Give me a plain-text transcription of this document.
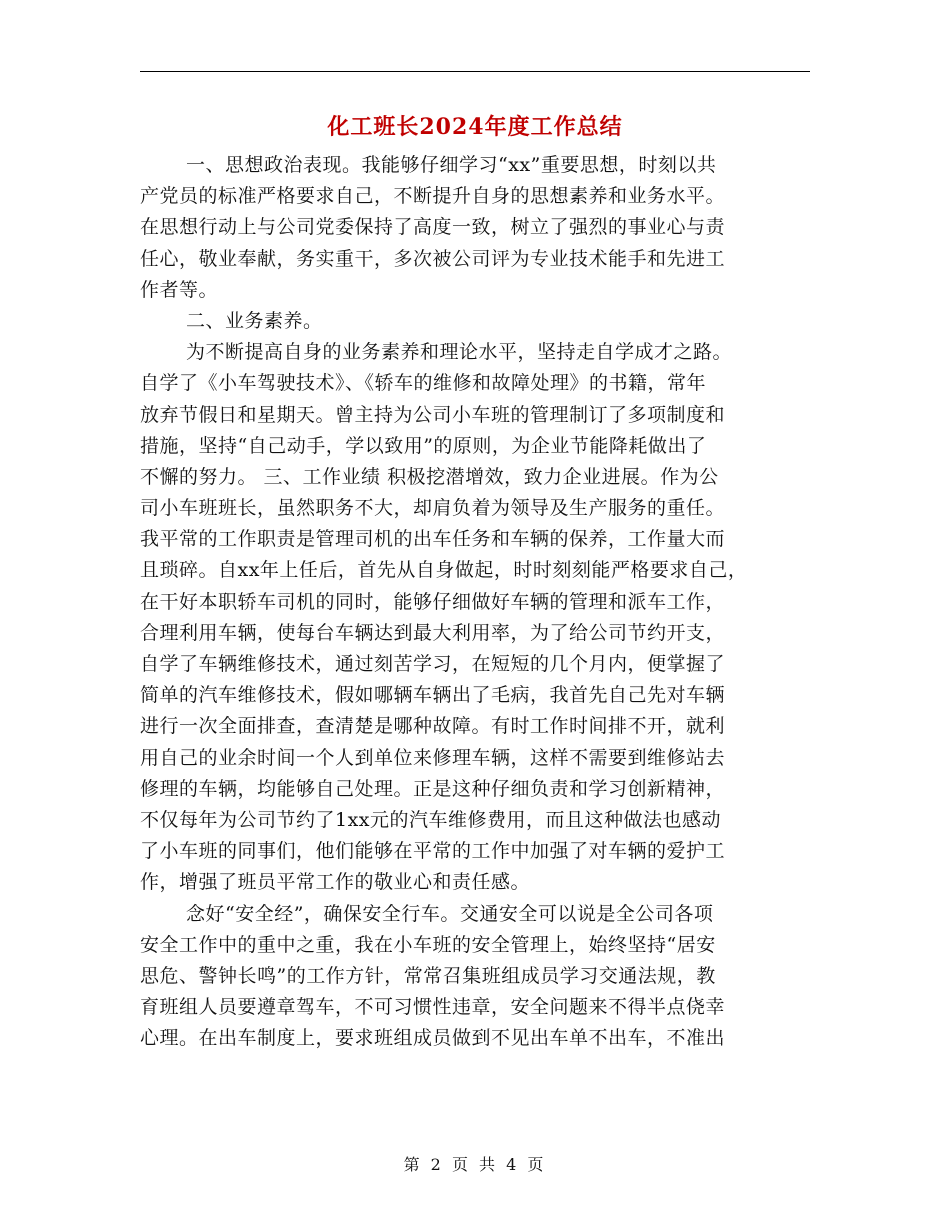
化工班长2024年度工作总结
一、思想政治表现。我能够仔细学习“xx”重要思想，时刻以共
产党员的标准严格要求自己，不断提升自身的思想素养和业务水平。
在思想行动上与公司党委保持了高度一致，树立了强烈的事业心与责
任心，敬业奉献，务实重干，多次被公司评为专业技术能手和先进工
作者等。
二、业务素养。
为不断提高自身的业务素养和理论水平，坚持走自学成才之路。
自学了《小车驾驶技术》、《轿车的维修和故障处理》的书籍，常年
放弃节假日和星期天。曾主持为公司小车班的管理制订了多项制度和
措施，坚持“自己动手，学以致用”的原则，为企业节能降耗做出了
不懈的努力。 三、工作业绩 积极挖潜增效，致力企业进展。作为公
司小车班班长，虽然职务不大，却肩负着为领导及生产服务的重任。
我平常的工作职责是管理司机的出车任务和车辆的保养，工作量大而
且琐碎。自xx年上任后，首先从自身做起，时时刻刻能严格要求自己，
在干好本职轿车司机的同时，能够仔细做好车辆的管理和派车工作，
合理利用车辆，使每台车辆达到最大利用率，为了给公司节约开支，
自学了车辆维修技术，通过刻苦学习，在短短的几个月内，便掌握了
简单的汽车维修技术，假如哪辆车辆出了毛病，我首先自己先对车辆
进行一次全面排查，查清楚是哪种故障。有时工作时间排不开，就利
用自己的业余时间一个人到单位来修理车辆，这样不需要到维修站去
修理的车辆，均能够自己处理。正是这种仔细负责和学习创新精神，
不仅每年为公司节约了1xx元的汽车维修费用，而且这种做法也感动
了小车班的同事们，他们能够在平常的工作中加强了对车辆的爱护工
作，增强了班员平常工作的敬业心和责任感。
念好“安全经”，确保安全行车。交通安全可以说是全公司各项
安全工作中的重中之重，我在小车班的安全管理上，始终坚持“居安
思危、警钟长鸣”的工作方针，常常召集班组成员学习交通法规，教
育班组人员要遵章驾车，不可习惯性违章，安全问题来不得半点侥幸
心理。在出车制度上，要求班组成员做到不见出车单不出车，不准出
第 2 页 共 4 页
